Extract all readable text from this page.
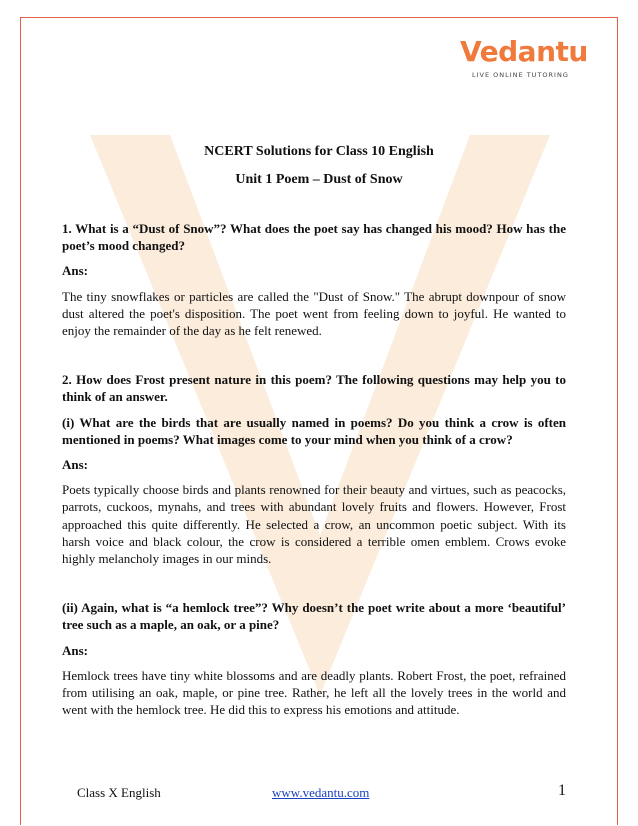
Vedantu
LIVE ONLINE TUTORING
NCERT Solutions for Class 10 English
Unit 1 Poem – Dust of Snow

1. What is a “Dust of Snow”? What does the poet say has changed his mood? How has the poet’s mood changed?

Ans:

The tiny snowflakes or particles are called the "Dust of Snow." The abrupt downpour of snow dust altered the poet's disposition. The poet went from feeling down to joyful. He wanted to enjoy the remainder of the day as he felt renewed.

2. How does Frost present nature in this poem? The following questions may help you to think of an answer.

(i) What are the birds that are usually named in poems? Do you think a crow is often mentioned in poems? What images come to your mind when you think of a crow?

Ans:

Poets typically choose birds and plants renowned for their beauty and virtues, such as peacocks, parrots, cuckoos, mynahs, and trees with abundant lovely fruits and flowers. However, Frost approached this quite differently. He selected a crow, an uncommon poetic subject. With its harsh voice and black colour, the crow is considered a terrible omen emblem. Crows evoke highly melancholy images in our minds.

(ii) Again, what is “a hemlock tree”? Why doesn’t the poet write about a more ‘beautiful’ tree such as a maple, an oak, or a pine?

Ans:

Hemlock trees have tiny white blossoms and are deadly plants. Robert Frost, the poet, refrained from utilising an oak, maple, or pine tree. Rather, he left all the lovely trees in the world and went with the hemlock tree. He did this to express his emotions and attitude.

Class X English	www.vedantu.com	1
